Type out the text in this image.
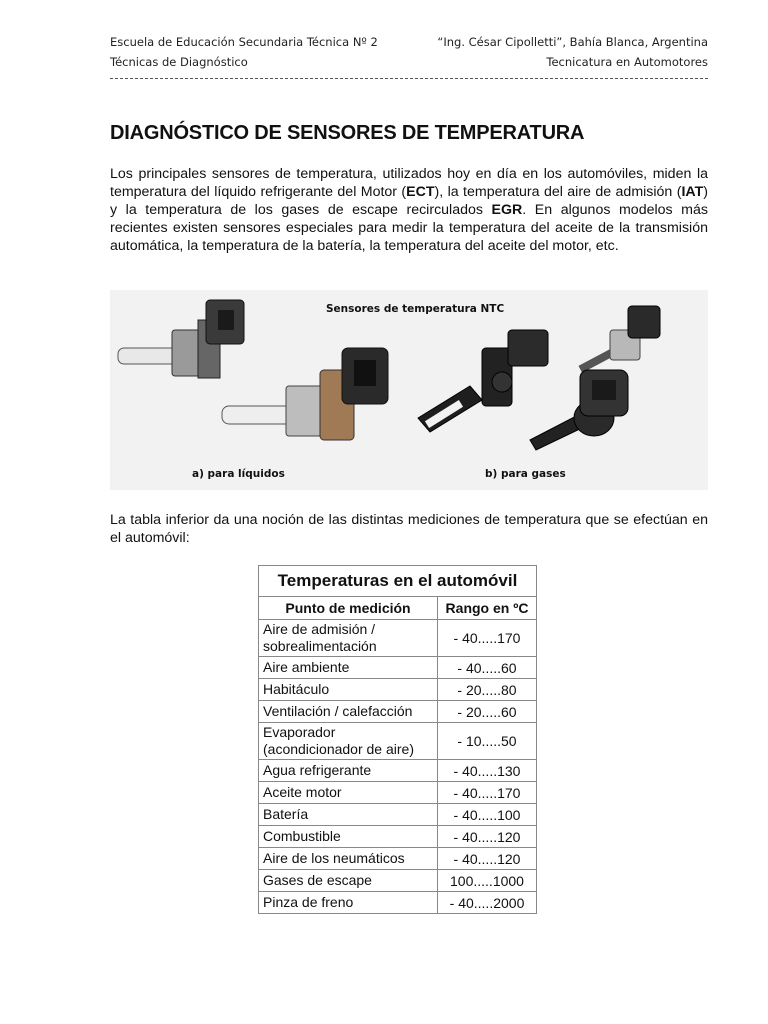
Escuela de Educación Secundaria Técnica Nº 2	“Ing. César Cipolletti”, Bahía Blanca, Argentina
Técnicas de Diagnóstico	Tecnicatura en Automotores
DIAGNÓSTICO DE SENSORES DE TEMPERATURA

Los principales sensores de temperatura, utilizados hoy en día en los automóviles, miden la temperatura del líquido refrigerante del Motor (ECT), la temperatura del aire de admisión (IAT) y la temperatura de los gases de escape recirculados EGR. En algunos modelos más recientes existen sensores especiales para medir la temperatura del aceite de la transmisión automática, la temperatura de la batería, la temperatura del aceite del motor, etc.

Sensores de temperatura NTC
a) para líquidos	b) para gases

La tabla inferior da una noción de las distintas mediciones de temperatura que se efectúan en el automóvil:

Temperaturas en el automóvil	
Punto de medición	Rango en ºC
Aire de admisión / sobrealimentación	- 40.....170
Aire ambiente	- 40.....60
Habitáculo	- 20.....80
Ventilación / calefacción	- 20.....60
Evaporador (acondicionador de aire)	- 10.....50
Agua refrigerante	- 40.....130
Aceite motor	- 40.....170
Batería	- 40.....100
Combustible	- 40.....120
Aire de los neumáticos	- 40.....120
Gases de escape	100.....1000
Pinza de freno	- 40.....2000
